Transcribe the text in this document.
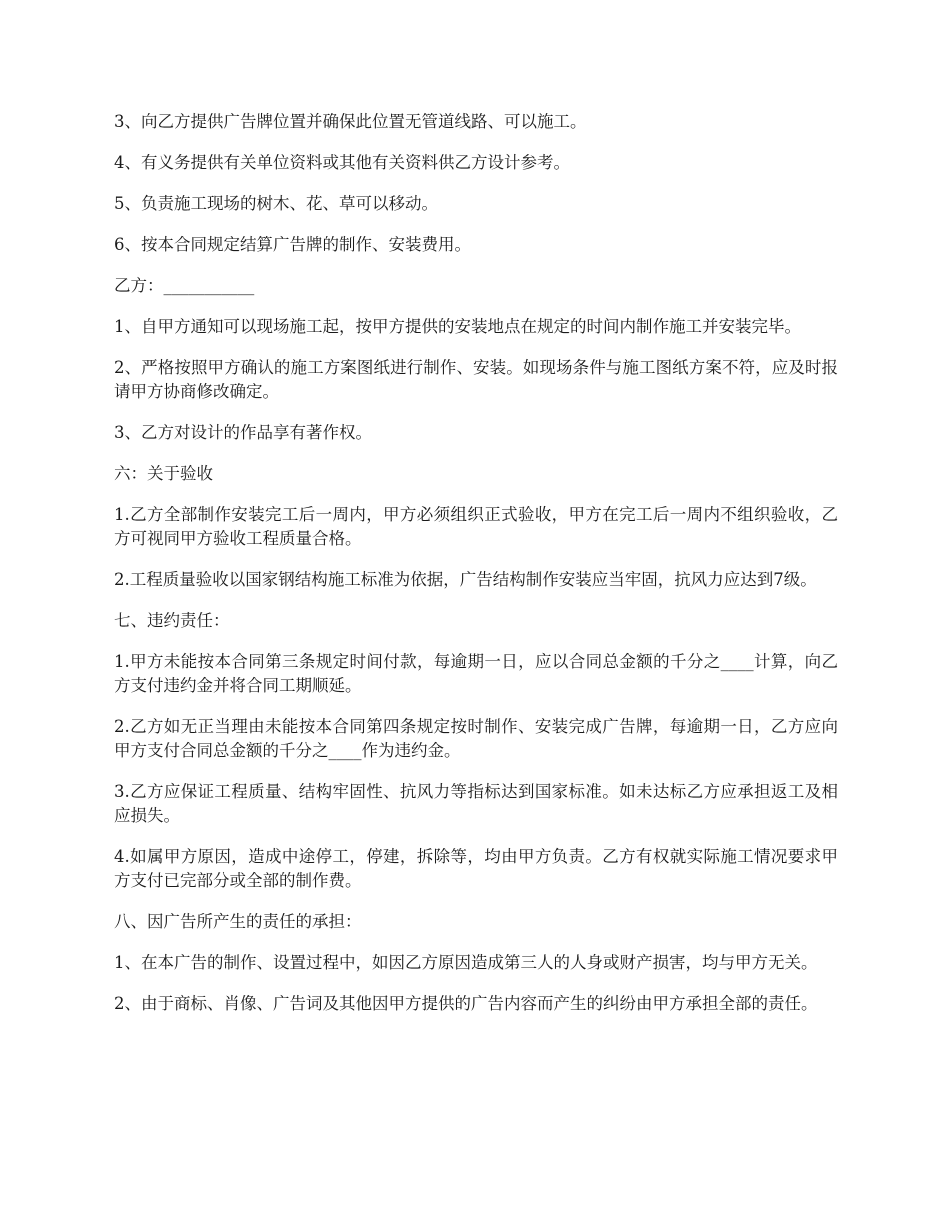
3、向乙方提供广告牌位置并确保此位置无管道线路、可以施工。

4、有义务提供有关单位资料或其他有关资料供乙方设计参考。

5、负责施工现场的树木、花、草可以移动。

6、按本合同规定结算广告牌的制作、安装费用。

乙方：___________

1、自甲方通知可以现场施工起，按甲方提供的安装地点在规定的时间内制作施工并安装完毕。

2、严格按照甲方确认的施工方案图纸进行制作、安装。如现场条件与施工图纸方案不符，应及时报请甲方协商修改确定。

3、乙方对设计的作品享有著作权。

六：关于验收

1.乙方全部制作安装完工后一周内，甲方必须组织正式验收，甲方在完工后一周内不组织验收，乙方可视同甲方验收工程质量合格。

2.工程质量验收以国家钢结构施工标准为依据，广告结构制作安装应当牢固，抗风力应达到7级。

七、违约责任：

1.甲方未能按本合同第三条规定时间付款，每逾期一日，应以合同总金额的千分之____计算，向乙方支付违约金并将合同工期顺延。

2.乙方如无正当理由未能按本合同第四条规定按时制作、安装完成广告牌，每逾期一日，乙方应向甲方支付合同总金额的千分之____作为违约金。

3.乙方应保证工程质量、结构牢固性、抗风力等指标达到国家标准。如未达标乙方应承担返工及相应损失。

4.如属甲方原因，造成中途停工，停建，拆除等，均由甲方负责。乙方有权就实际施工情况要求甲方支付已完部分或全部的制作费。

八、因广告所产生的责任的承担：

1、在本广告的制作、设置过程中，如因乙方原因造成第三人的人身或财产损害，均与甲方无关。

2、由于商标、肖像、广告词及其他因甲方提供的广告内容而产生的纠纷由甲方承担全部的责任。
